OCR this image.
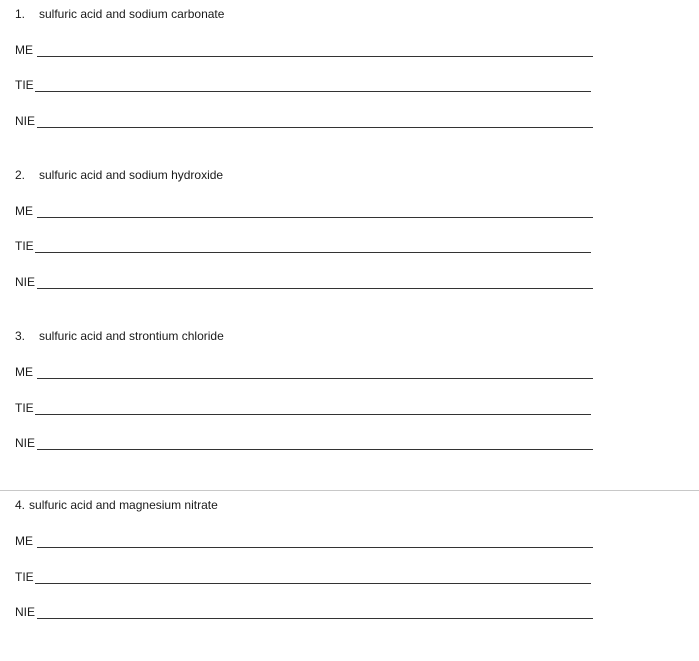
1. sulfuric acid and sodium carbonate
ME
TIE
NIE
2. sulfuric acid and sodium hydroxide
ME
TIE
NIE
3. sulfuric acid and strontium chloride
ME
TIE
NIE
4. sulfuric acid and magnesium nitrate
ME
TIE
NIE
